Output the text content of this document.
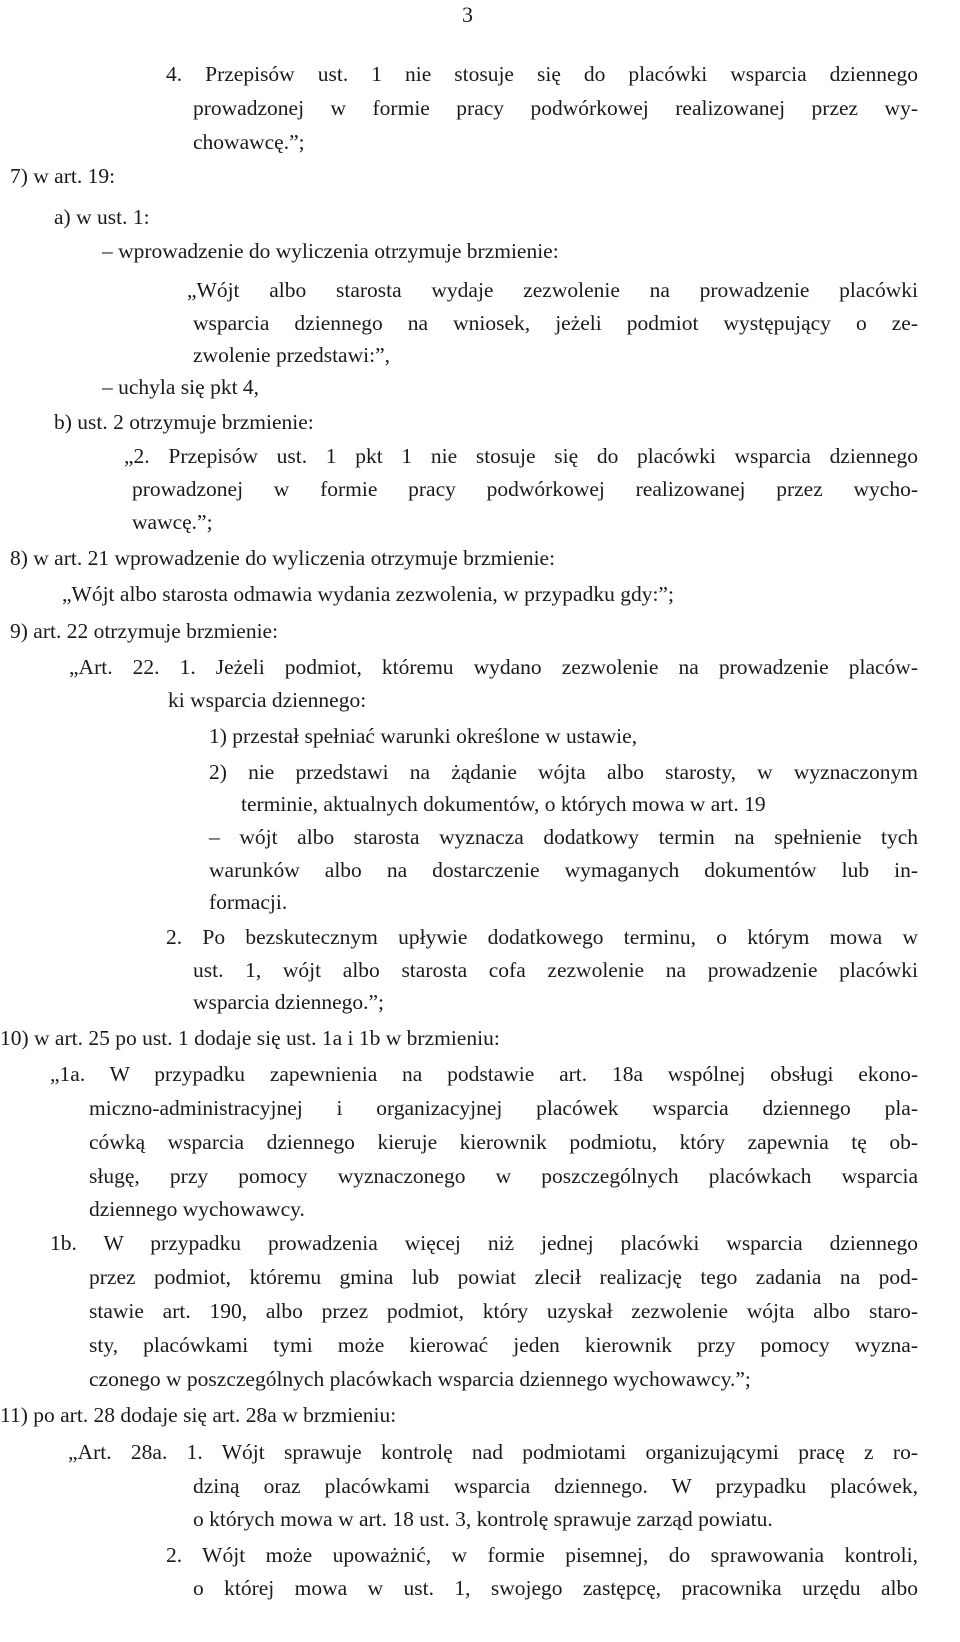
3
4. Przepisów ust. 1 nie stosuje się do placówki wsparcia dziennego
prowadzonej w formie pracy podwórkowej realizowanej przez wy-
chowawcę.”;
7) w art. 19:
a) w ust. 1:
– wprowadzenie do wyliczenia otrzymuje brzmienie:
„Wójt albo starosta wydaje zezwolenie na prowadzenie placówki
wsparcia dziennego na wniosek, jeżeli podmiot występujący o ze-
zwolenie przedstawi:”,
– uchyla się pkt 4,
b) ust. 2 otrzymuje brzmienie:
„2. Przepisów ust. 1 pkt 1 nie stosuje się do placówki wsparcia dziennego
prowadzonej w formie pracy podwórkowej realizowanej przez wycho-
wawcę.”;
8) w art. 21 wprowadzenie do wyliczenia otrzymuje brzmienie:
„Wójt albo starosta odmawia wydania zezwolenia, w przypadku gdy:”;
9) art. 22 otrzymuje brzmienie:
„Art. 22. 1. Jeżeli podmiot, któremu wydano zezwolenie na prowadzenie placów-
ki wsparcia dziennego:
1) przestał spełniać warunki określone w ustawie,
2) nie przedstawi na żądanie wójta albo starosty, w wyznaczonym
terminie, aktualnych dokumentów, o których mowa w art. 19
– wójt albo starosta wyznacza dodatkowy termin na spełnienie tych
warunków albo na dostarczenie wymaganych dokumentów lub in-
formacji.
2. Po bezskutecznym upływie dodatkowego terminu, o którym mowa w
ust. 1, wójt albo starosta cofa zezwolenie na prowadzenie placówki
wsparcia dziennego.”;
10) w art. 25 po ust. 1 dodaje się ust. 1a i 1b w brzmieniu:
„1a. W przypadku zapewnienia na podstawie art. 18a wspólnej obsługi ekono-
miczno-administracyjnej i organizacyjnej placówek wsparcia dziennego pla-
cówką wsparcia dziennego kieruje kierownik podmiotu, który zapewnia tę ob-
sługę, przy pomocy wyznaczonego w poszczególnych placówkach wsparcia
dziennego wychowawcy.
1b. W przypadku prowadzenia więcej niż jednej placówki wsparcia dziennego
przez podmiot, któremu gmina lub powiat zlecił realizację tego zadania na pod-
stawie art. 190, albo przez podmiot, który uzyskał zezwolenie wójta albo staro-
sty, placówkami tymi może kierować jeden kierownik przy pomocy wyzna-
czonego w poszczególnych placówkach wsparcia dziennego wychowawcy.”;
11) po art. 28 dodaje się art. 28a w brzmieniu:
„Art. 28a. 1. Wójt sprawuje kontrolę nad podmiotami organizującymi pracę z ro-
dziną oraz placówkami wsparcia dziennego. W przypadku placówek,
o których mowa w art. 18 ust. 3, kontrolę sprawuje zarząd powiatu.
2. Wójt może upoważnić, w formie pisemnej, do sprawowania kontroli,
o której mowa w ust. 1, swojego zastępcę, pracownika urzędu albo
